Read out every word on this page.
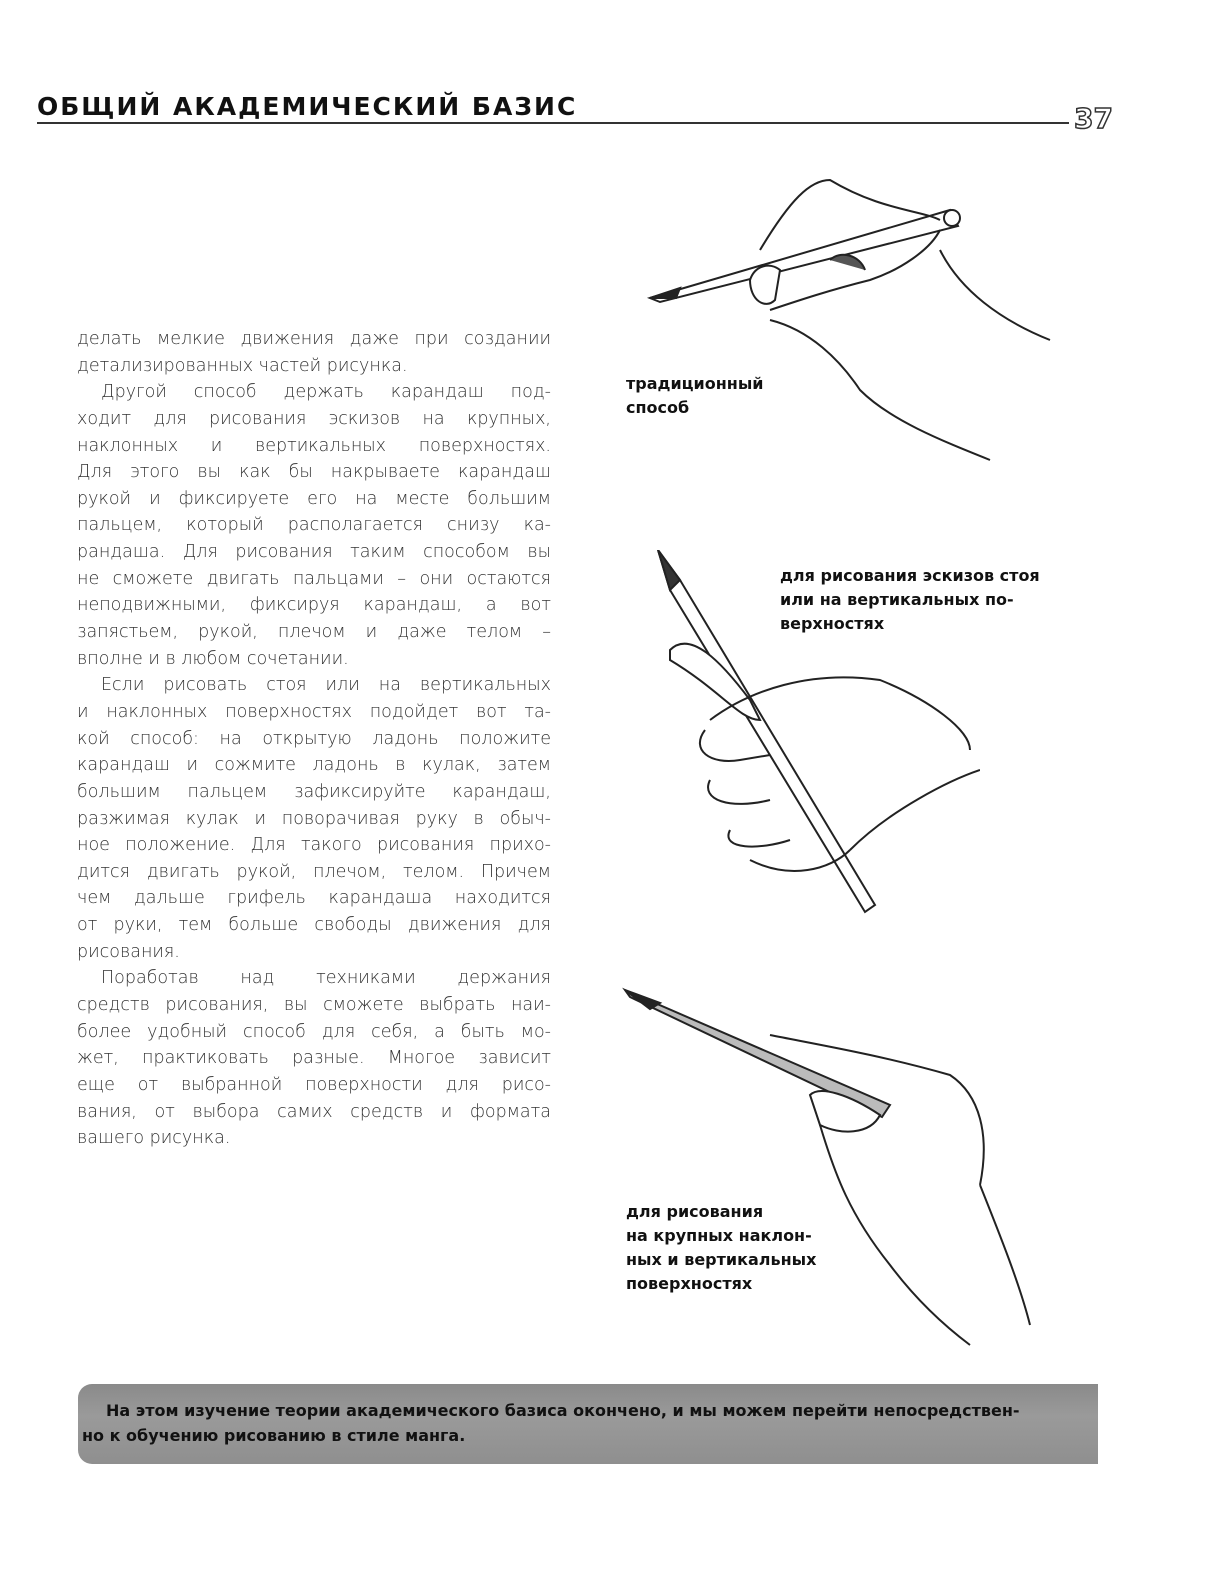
ОБЩИЙ АКАДЕМИЧЕСКИЙ БАЗИС	37
делать мелкие движения даже при создании
детализированных частей рисунка.
Другой способ держать карандаш под-
ходит для рисования эскизов на крупных,
наклонных и вертикальных поверхностях.
Для этого вы как бы накрываете карандаш
рукой и фиксируете его на месте большим
пальцем, который располагается снизу ка-
рандаша. Для рисования таким способом вы
не сможете двигать пальцами – они остаются
неподвижными, фиксируя карандаш, а вот
запястьем, рукой, плечом и даже телом –
вполне и в любом сочетании.
Если рисовать стоя или на вертикальных
и наклонных поверхностях подойдет вот та-
кой способ: на открытую ладонь положите
карандаш и сожмите ладонь в кулак, затем
большим пальцем зафиксируйте карандаш,
разжимая кулак и поворачивая руку в обыч-
ное положение. Для такого рисования прихо-
дится двигать рукой, плечом, телом. Причем
чем дальше грифель карандаша находится
от руки, тем больше свободы движения для
рисования.
Поработав над техниками держания
средств рисования, вы сможете выбрать наи-
более удобный способ для себя, а быть мо-
жет, практиковать разные. Многое зависит
еще от выбранной поверхности для рисо-
вания, от выбора самих средств и формата
вашего рисунка.
традиционный
способ
для рисования эскизов стоя
или на вертикальных по-
верхностях
для рисования
на крупных наклон-
ных и вертикальных
поверхностях
На этом изучение теории академического базиса окончено, и мы можем перейти непосредствен-
но к обучению рисованию в стиле манга.
